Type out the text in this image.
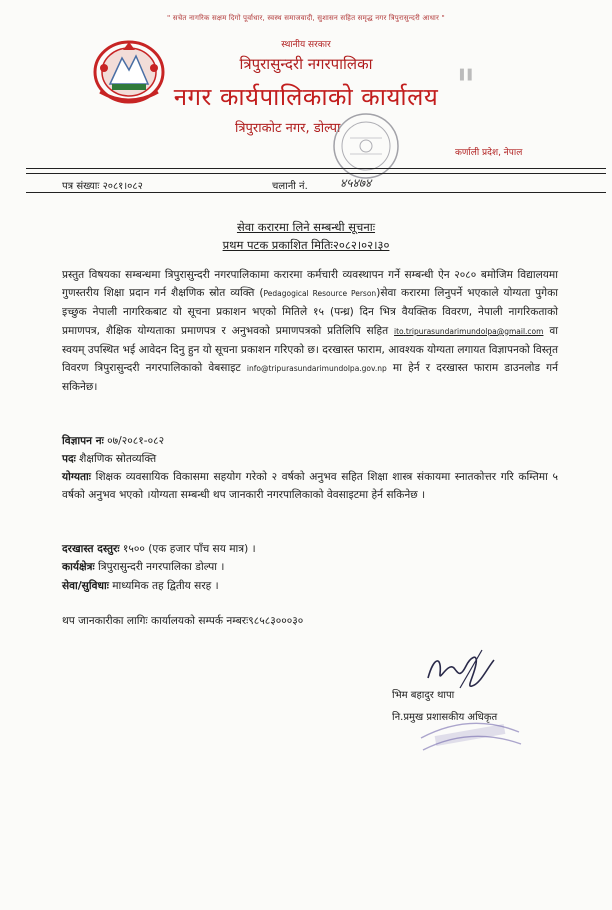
" सचेत नागरिक सक्षम दिगो पूर्वाधार, स्वस्थ समाजवादी, सुशासन सहित समृद्ध नगर त्रिपुरासुन्दरी आधार "
स्थानीय सरकार
त्रिपुरासुन्दरी नगरपालिका
नगर कार्यपालिकाको कार्यालय
त्रिपुराकोट नगर, डोल्पा
कर्णाली प्रदेश, नेपाल
▌▌
पत्र संख्याः २०८१।०८२	चलानी नं.	४५४७४
सेवा करारमा लिने सम्बन्धी सूचनाः
प्रथम पटक प्रकाशित मितिः२०८२।०२।३०
प्रस्तुत विषयका सम्बन्धमा त्रिपुरासुन्दरी नगरपालिकामा करारमा कर्मचारी व्यवस्थापन गर्ने सम्बन्धी ऐन २०८० बमोजिम विद्यालयमा गुणस्तरीय शिक्षा प्रदान गर्न शैक्षणिक स्रोत व्यक्ति (Pedagogical Resource Person)सेवा करारमा लिनुपर्ने भएकाले योग्यता पुगेका इच्छुक नेपाली नागरिकबाट यो सूचना प्रकाशन भएको मितिले १५ (पन्ध्र) दिन भित्र वैयक्तिक विवरण, नेपाली नागरिकताको प्रमाणपत्र, शैक्षिक योग्यताका प्रमाणपत्र र अनुभवको प्रमाणपत्रको प्रतिलिपि सहित ito.tripurasundarimundolpa@gmail.com वा स्वयम् उपस्थित भई आवेदन दिनु हुन यो सूचना प्रकाशन गरिएको छ। दरखास्त फाराम, आवश्यक योग्यता लगायत विज्ञापनको विस्तृत विवरण त्रिपुरासुन्दरी नगरपालिकाको वेबसाइट info@tripurasundarimundolpa.gov.np मा हेर्न र दरखास्त फाराम डाउनलोड गर्न सकिनेछ।
विज्ञापन नः ०७/२०८१-०८२
पदः शैक्षणिक स्रोतव्यक्ति
योग्यताः शिक्षक व्यवसायिक विकासमा सहयोग गरेको २ वर्षको अनुभव सहित शिक्षा शास्त्र संकायमा स्नातकोत्तर गरि कम्तिमा ५ वर्षको अनुभव भएको ।योग्यता सम्बन्धी थप जानकारी नगरपालिकाको वेवसाइटमा हेर्न सकिनेछ ।
दरखास्त दस्तुरः १५०० (एक हजार पाँच सय मात्र) ।
कार्यक्षेत्रः त्रिपुरासुन्दरी नगरपालिका डोल्पा ।
सेवा/सुविधाः माध्यमिक तह द्वितीय सरह ।
थप जानकारीका लागिः कार्यालयको सम्पर्क नम्बरः९८५८३०००३०
भिम बहादुर थापा
नि.प्रमुख प्रशासकीय अधिकृत
